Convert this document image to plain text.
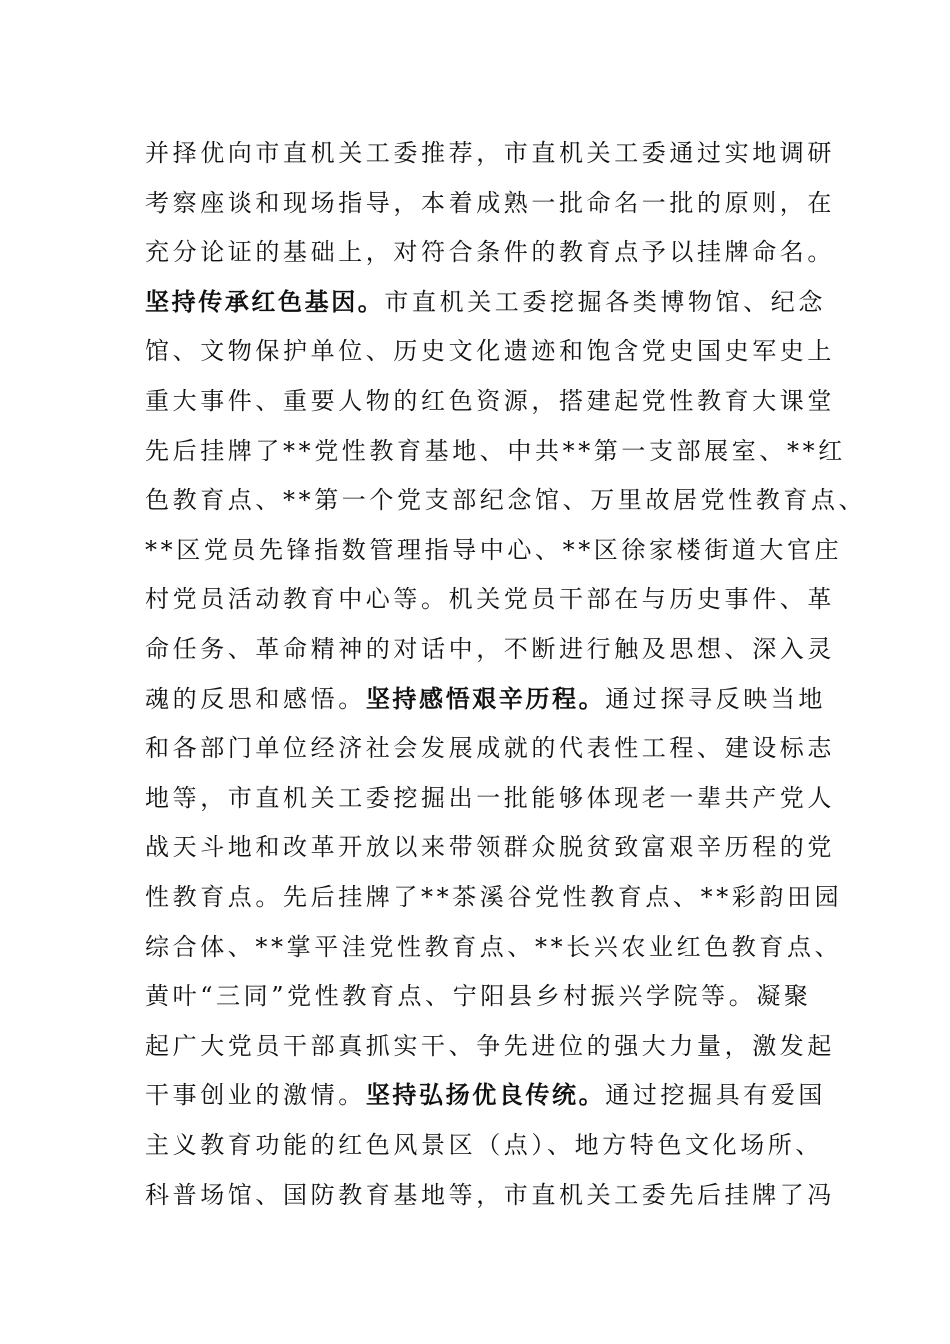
并择优向市直机关工委推荐，市直机关工委通过实地调研
考察座谈和现场指导，本着成熟一批命名一批的原则，在
充分论证的基础上，对符合条件的教育点予以挂牌命名。
坚持传承红色基因。市直机关工委挖掘各类博物馆、纪念
馆、文物保护单位、历史文化遗迹和饱含党史国史军史上
重大事件、重要人物的红色资源，搭建起党性教育大课堂
先后挂牌了**党性教育基地、中共**第一支部展室、**红
色教育点、**第一个党支部纪念馆、万里故居党性教育点、
**区党员先锋指数管理指导中心、**区徐家楼街道大官庄
村党员活动教育中心等。机关党员干部在与历史事件、革
命任务、革命精神的对话中，不断进行触及思想、深入灵
魂的反思和感悟。坚持感悟艰辛历程。通过探寻反映当地
和各部门单位经济社会发展成就的代表性工程、建设标志
地等，市直机关工委挖掘出一批能够体现老一辈共产党人
战天斗地和改革开放以来带领群众脱贫致富艰辛历程的党
性教育点。先后挂牌了**茶溪谷党性教育点、**彩韵田园
综合体、**掌平洼党性教育点、**长兴农业红色教育点、
黄叶“三同”党性教育点、宁阳县乡村振兴学院等。凝聚
起广大党员干部真抓实干、争先进位的强大力量，激发起
干事创业的激情。坚持弘扬优良传统。通过挖掘具有爱国
主义教育功能的红色风景区（点）、地方特色文化场所、
科普场馆、国防教育基地等，市直机关工委先后挂牌了冯
